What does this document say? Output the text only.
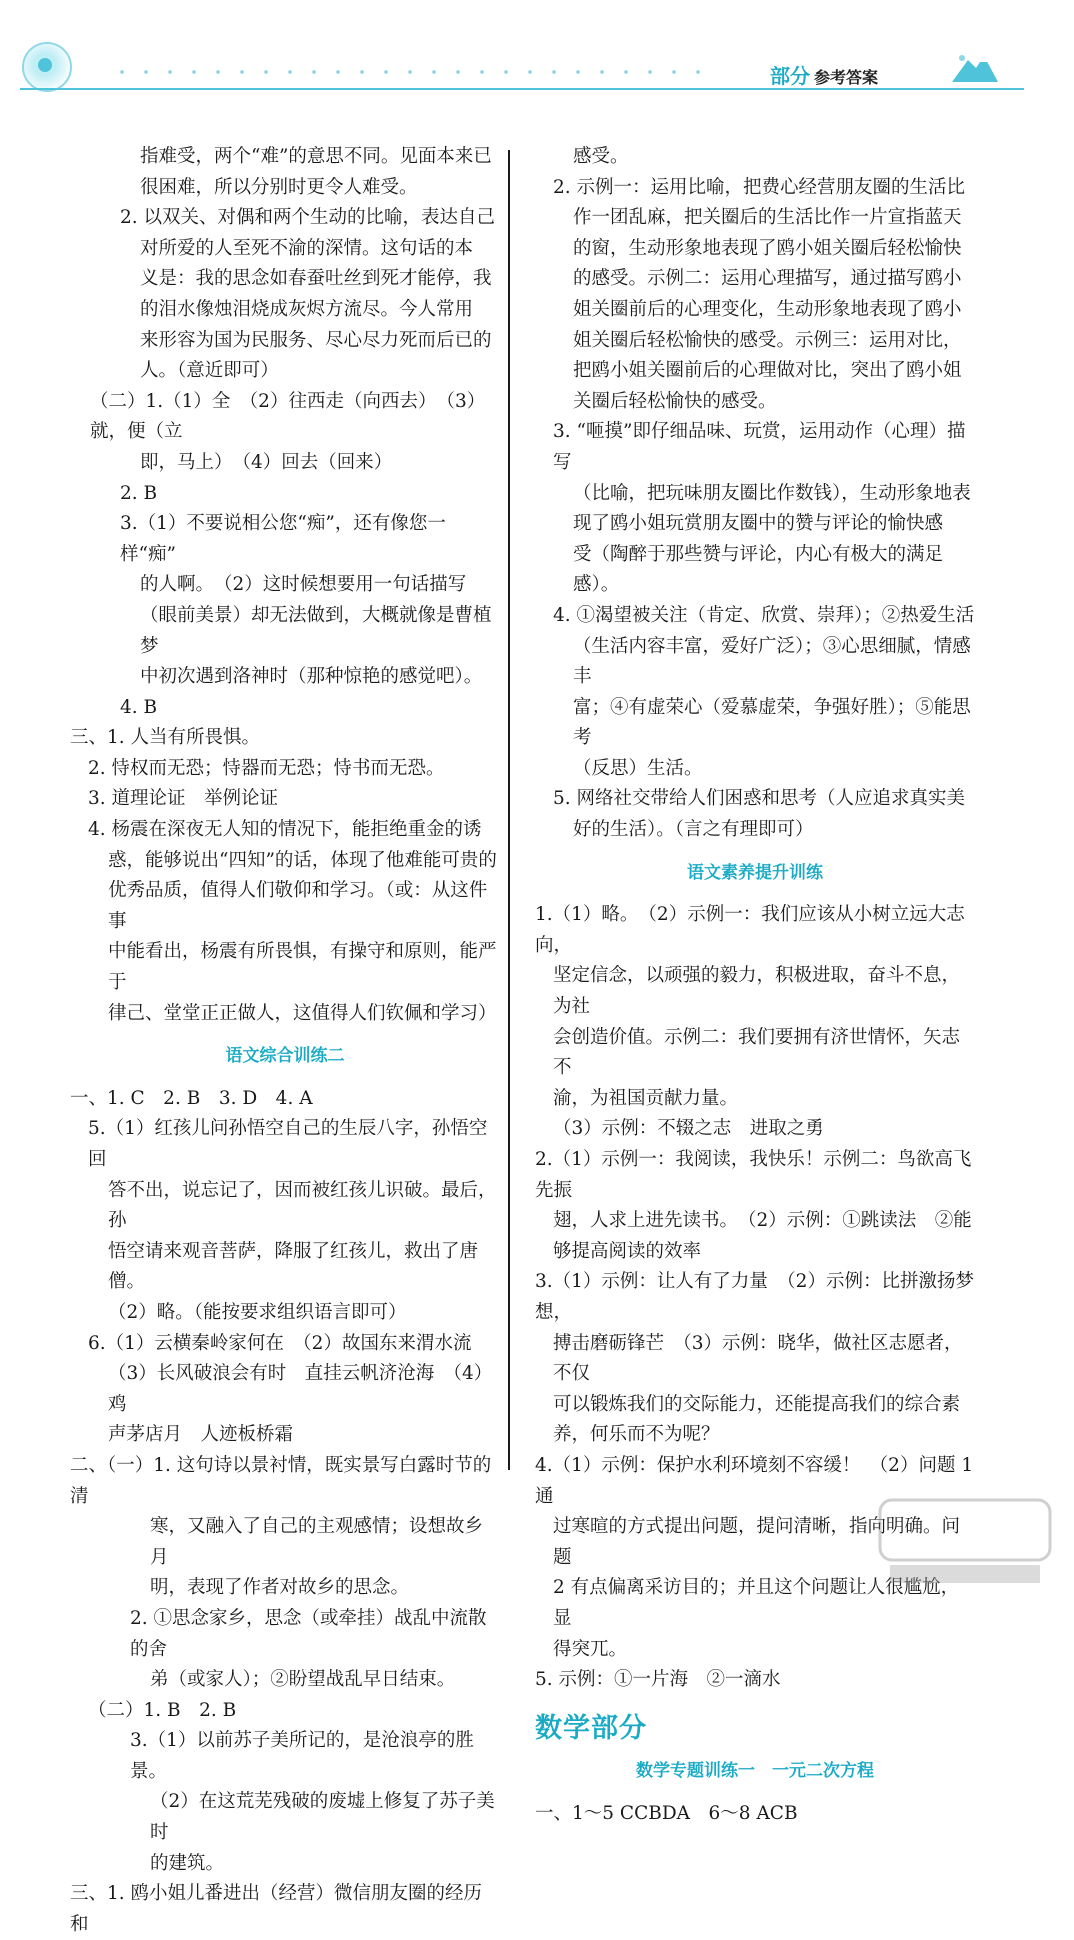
部分 参考答案
指难受，两个“难”的意思不同。见面本来已
很困难，所以分别时更令人难受。
2. 以双关、对偶和两个生动的比喻，表达自己
对所爱的人至死不渝的深情。这句话的本
义是：我的思念如春蚕吐丝到死才能停，我
的泪水像烛泪烧成灰烬方流尽。今人常用
来形容为国为民服务、尽心尽力死而后已的
人。（意近即可）
（二）1.（1）全　（2）往西走（向西去）　（3）就，便（立
即，马上）　（4）回去（回来）
2. B
3.（1）不要说相公您“痴”，还有像您一样“痴”
的人啊。　（2）这时候想要用一句话描写
（眼前美景）却无法做到，大概就像是曹植梦
中初次遇到洛神时（那种惊艳的感觉吧）。
4. B
三、1. 人当有所畏惧。
2. 恃权而无恐；恃器而无恐；恃书而无恐。
3. 道理论证　举例论证
4. 杨震在深夜无人知的情况下，能拒绝重金的诱
惑，能够说出“四知”的话，体现了他难能可贵的
优秀品质，值得人们敬仰和学习。（或：从这件事
中能看出，杨震有所畏惧，有操守和原则，能严于
律己、堂堂正正做人，这值得人们钦佩和学习）
语文综合训练二
一、1. C　2. B　3. D　4. A
5.（1）红孩儿问孙悟空自己的生辰八字，孙悟空回
答不出，说忘记了，因而被红孩儿识破。最后，孙
悟空请来观音菩萨，降服了红孩儿，救出了唐僧。
（2）略。（能按要求组织语言即可）
6.（1）云横秦岭家何在　（2）故国东来渭水流
（3）长风破浪会有时　直挂云帆济沧海　（4）鸡
声茅店月　人迹板桥霜
二、（一）1. 这句诗以景衬情，既实景写白露时节的清
寒，又融入了自己的主观感情；设想故乡月
明，表现了作者对故乡的思念。
2. ①思念家乡，思念（或牵挂）战乱中流散的舍
弟（或家人）；②盼望战乱早日结束。
（二）1. B　2. B
3.（1）以前苏子美所记的，是沧浪亭的胜景。
（2）在这荒芜残破的废墟上修复了苏子美时
的建筑。
三、1. 鸥小姐儿番进出（经营）微信朋友圈的经历和
感受。
2. 示例一：运用比喻，把费心经营朋友圈的生活比
作一团乱麻，把关圈后的生活比作一片宣指蓝天
的窗，生动形象地表现了鸥小姐关圈后轻松愉快
的感受。示例二：运用心理描写，通过描写鸥小
姐关圈前后的心理变化，生动形象地表现了鸥小
姐关圈后轻松愉快的感受。示例三：运用对比，
把鸥小姐关圈前后的心理做对比，突出了鸥小姐
关圈后轻松愉快的感受。
3. “咂摸”即仔细品味、玩赏，运用动作（心理）描写
（比喻，把玩味朋友圈比作数钱），生动形象地表
现了鸥小姐玩赏朋友圈中的赞与评论的愉快感
受（陶醉于那些赞与评论，内心有极大的满足
感）。
4. ①渴望被关注（肯定、欣赏、崇拜）；②热爱生活
（生活内容丰富，爱好广泛）；③心思细腻，情感丰
富；④有虚荣心（爱慕虚荣，争强好胜）；⑤能思考
（反思）生活。
5. 网络社交带给人们困惑和思考（人应追求真实美
好的生活）。（言之有理即可）
语文素养提升训练
1.（1）略。　（2）示例一：我们应该从小树立远大志向，
坚定信念，以顽强的毅力，积极进取，奋斗不息，为社
会创造价值。示例二：我们要拥有济世情怀，矢志不
渝，为祖国贡献力量。
（3）示例：不辍之志　进取之勇
2.（1）示例一：我阅读，我快乐！示例二：鸟欲高飞先振
翅，人求上进先读书。　（2）示例：①跳读法　②能
够提高阅读的效率
3.（1）示例：让人有了力量　（2）示例：比拼激扬梦想，
搏击磨砺锋芒　（3）示例：晓华，做社区志愿者，不仅
可以锻炼我们的交际能力，还能提高我们的综合素
养，何乐而不为呢？
4.（1）示例：保护水利环境刻不容缓！　（2）问题 1 通
过寒暄的方式提出问题，提问清晰，指向明确。问题
2 有点偏离采访目的；并且这个问题让人很尴尬，显
得突兀。
5. 示例：①一片海　②一滴水
数学部分
数学专题训练一　一元二次方程
一、1～5 CCBDA　6～8 ACB
